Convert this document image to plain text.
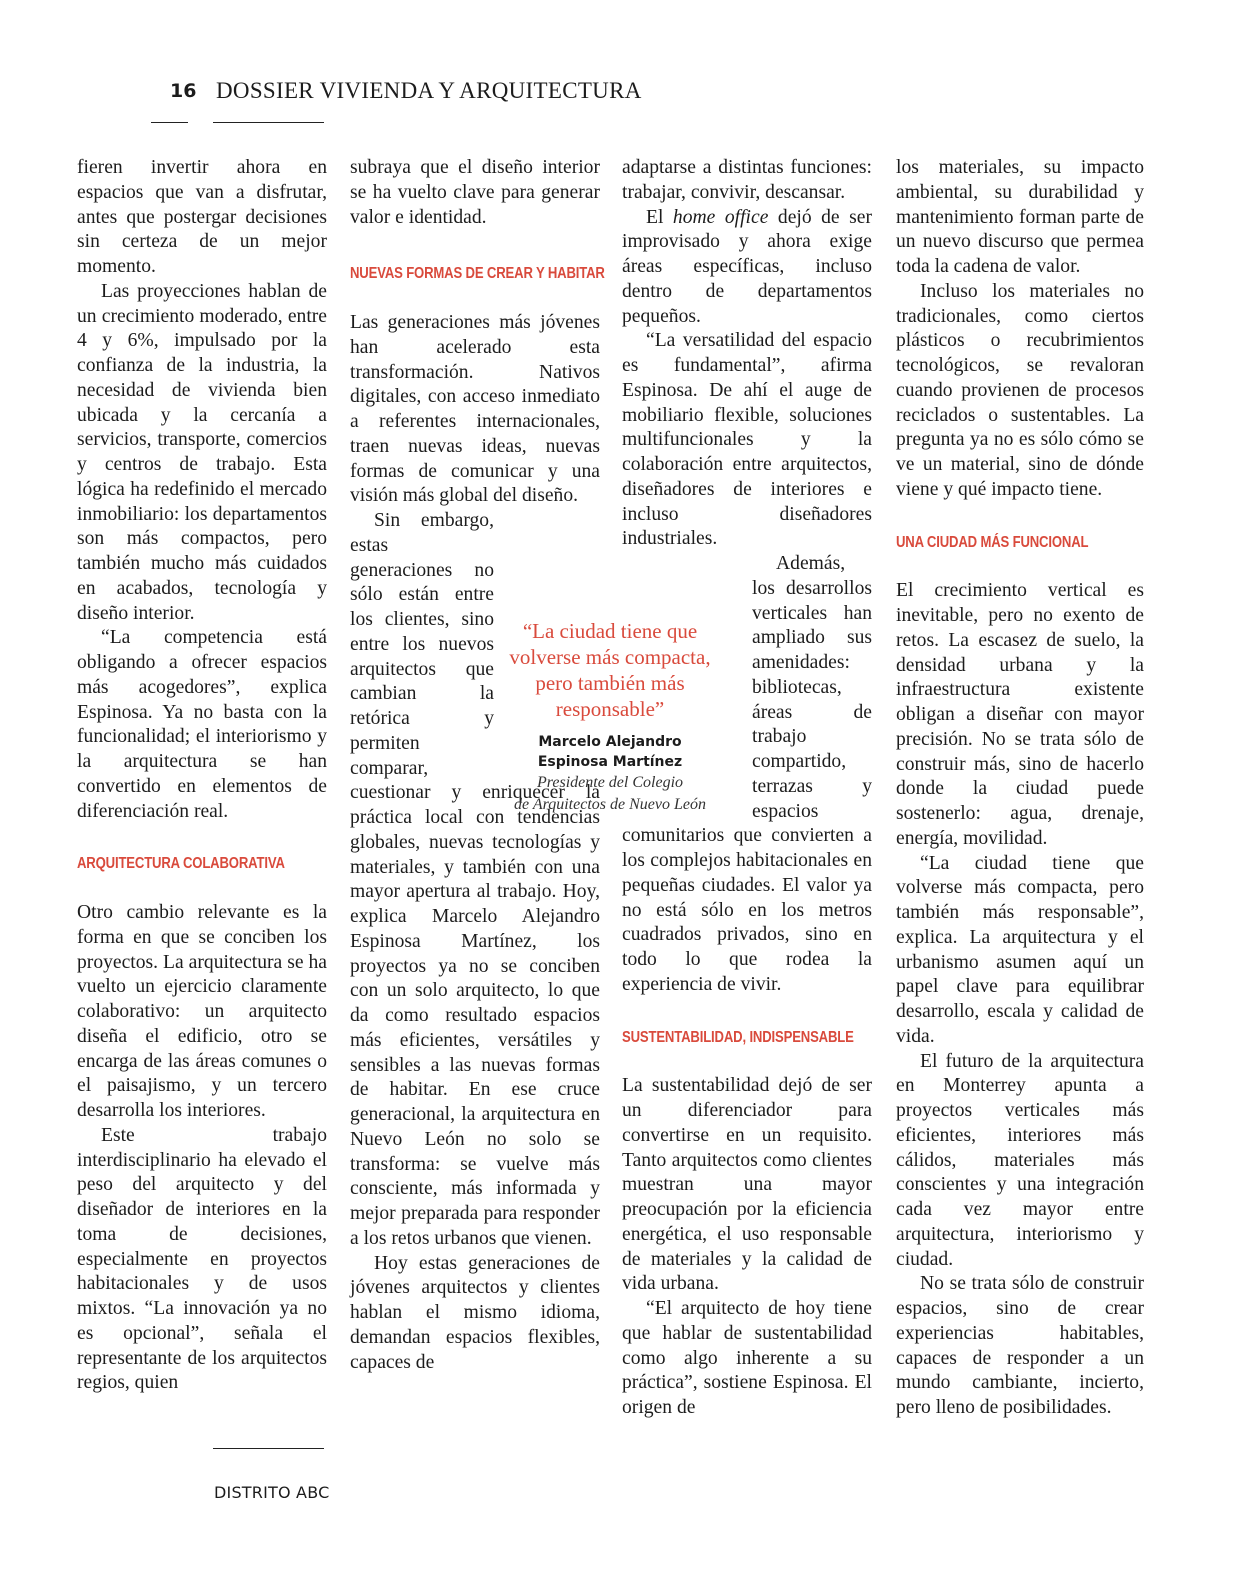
16 DOSSIER VIVIENDA Y ARQUITECTURA

fieren invertir ahora en espacios que van a disfrutar, antes que postergar decisiones sin certeza de un mejor momento.

Las proyecciones hablan de un crecimiento moderado, entre 4 y 6%, impulsado por la confianza de la industria, la necesidad de vivienda bien ubicada y la cercanía a servicios, transporte, comercios y centros de trabajo. Esta lógica ha redefinido el mercado inmobiliario: los departamentos son más compactos, pero también mucho más cuidados en acabados, tecnología y diseño interior.

“La competencia está obligando a ofrecer espacios más acogedores”, explica Espinosa. Ya no basta con la funcionalidad; el interiorismo y la arquitectura se han convertido en elementos de diferenciación real.

ARQUITECTURA COLABORATIVA

Otro cambio relevante es la forma en que se conciben los proyectos. La arquitectura se ha vuelto un ejercicio claramente colaborativo: un arquitecto diseña el edificio, otro se encarga de las áreas comunes o el paisajismo, y un tercero desarrolla los interiores.

Este trabajo interdisciplinario ha elevado el peso del arquitecto y del diseñador de interiores en la toma de decisiones, especialmente en proyectos habitacionales y de usos mixtos. “La innovación ya no es opcional”, señala el representante de los arquitectos regios, quien

subraya que el diseño interior se ha vuelto clave para generar valor e identidad.

NUEVAS FORMAS DE CREAR Y HABITAR

Las generaciones más jóvenes han acelerado esta transformación. Nativos digitales, con acceso inmediato a referentes internacionales, traen nuevas ideas, nuevas formas de comunicar y una visión más global del diseño.

Sin embargo, estas generaciones no sólo están entre los clientes, sino entre los nuevos arquitectos que cambian la retórica y permiten comparar, cuestionar y enriquecer la práctica local con tendencias globales, nuevas tecnologías y materiales, y también con una mayor apertura al trabajo. Hoy, explica Marcelo Alejandro Espinosa Martínez, los proyectos ya no se conciben con un solo arquitecto, lo que da como resultado espacios más eficientes, versátiles y sensibles a las nuevas formas de habitar. En ese cruce generacional, la arquitectura en Nuevo León no solo se transforma: se vuelve más consciente, más informada y mejor preparada para responder a los retos urbanos que vienen.

Hoy estas generaciones de jóvenes arquitectos y clientes hablan el mismo idioma, demandan espacios flexibles, capaces de

adaptarse a distintas funciones: trabajar, convivir, descansar.

El home office dejó de ser improvisado y ahora exige áreas específicas, incluso dentro de departamentos pequeños.

“La versatilidad del espacio es fundamental”, afirma Espinosa. De ahí el auge de mobiliario flexible, soluciones multifuncionales y la colaboración entre arquitectos, diseñadores de interiores e incluso diseñadores industriales.

Además, los desarrollos verticales han ampliado sus amenidades: bibliotecas, áreas de trabajo compartido, terrazas y espacios comunitarios que convierten a los complejos habitacionales en pequeñas ciudades. El valor ya no está sólo en los metros cuadrados privados, sino en todo lo que rodea la experiencia de vivir.

SUSTENTABILIDAD, INDISPENSABLE

La sustentabilidad dejó de ser un diferenciador para convertirse en un requisito. Tanto arquitectos como clientes muestran una mayor preocupación por la eficiencia energética, el uso responsable de materiales y la calidad de vida urbana.

“El arquitecto de hoy tiene que hablar de sustentabilidad como algo inherente a su práctica”, sostiene Espinosa. El origen de

los materiales, su impacto ambiental, su durabilidad y mantenimiento forman parte de un nuevo discurso que permea toda la cadena de valor.

Incluso los materiales no tradicionales, como ciertos plásticos o recubrimientos tecnológicos, se revaloran cuando provienen de procesos reciclados o sustentables. La pregunta ya no es sólo cómo se ve un material, sino de dónde viene y qué impacto tiene.

UNA CIUDAD MÁS FUNCIONAL

El crecimiento vertical es inevitable, pero no exento de retos. La escasez de suelo, la densidad urbana y la infraestructura existente obligan a diseñar con mayor precisión. No se trata sólo de construir más, sino de hacerlo donde la ciudad puede sostenerlo: agua, drenaje, energía, movilidad.

“La ciudad tiene que volverse más compacta, pero también más responsable”, explica. La arquitectura y el urbanismo asumen aquí un papel clave para equilibrar desarrollo, escala y calidad de vida.

El futuro de la arquitectura en Monterrey apunta a proyectos verticales más eficientes, interiores más cálidos, materiales más conscientes y una integración cada vez mayor entre arquitectura, interiorismo y ciudad.

No se trata sólo de construir espacios, sino de crear experiencias habitables, capaces de responder a un mundo cambiante, incierto, pero lleno de posibilidades.

“La ciudad tiene que volverse más compacta, pero también más responsable”
Marcelo Alejandro
Espinosa Martínez
Presidente del Colegio
de Arquitectos de Nuevo León
DISTRITO ABC
